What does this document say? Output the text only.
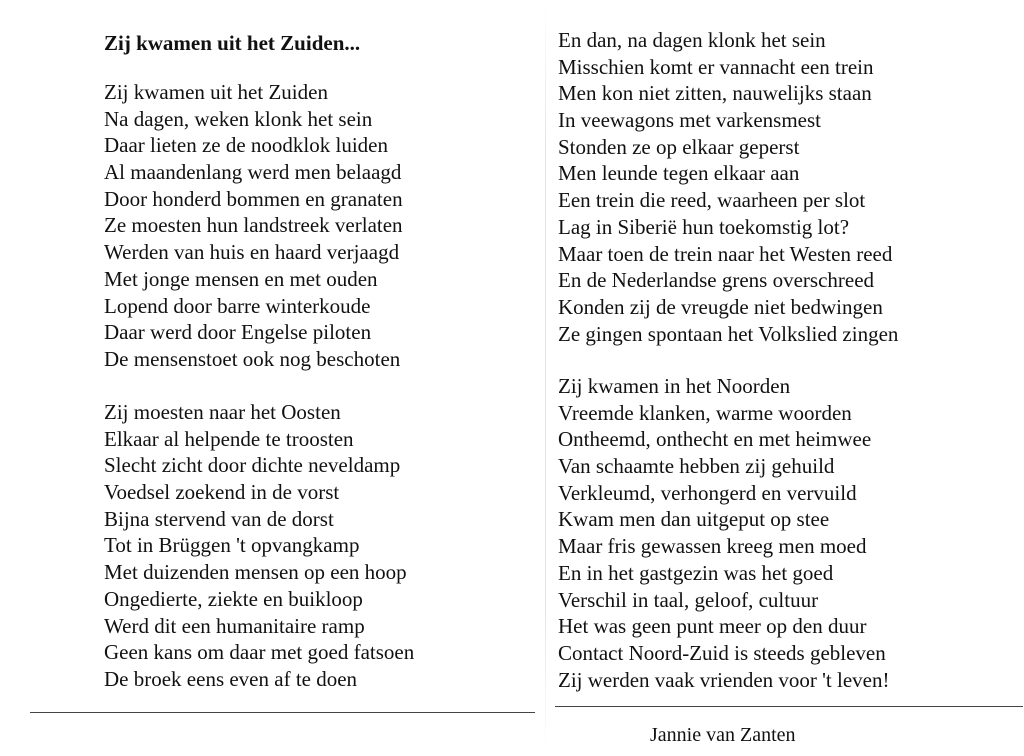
Zij kwamen uit het Zuiden...
Zij kwamen uit het Zuiden
Na dagen, weken klonk het sein
Daar lieten ze de noodklok luiden
Al maandenlang werd men belaagd
Door honderd bommen en granaten
Ze moesten hun landstreek verlaten
Werden van huis en haard verjaagd
Met jonge mensen en met ouden
Lopend door barre winterkoude
Daar werd door Engelse piloten
De mensenstoet ook nog beschoten
Zij moesten naar het Oosten
Elkaar al helpende te troosten
Slecht zicht door dichte neveldamp
Voedsel zoekend in de vorst
Bijna stervend van de dorst
Tot in Brüggen 't opvangkamp
Met duizenden mensen op een hoop
Ongedierte, ziekte en buikloop
Werd dit een humanitaire ramp
Geen kans om daar met goed fatsoen
De broek eens even af te doen
En dan, na dagen klonk het sein
Misschien komt er vannacht een trein
Men kon niet zitten, nauwelijks staan
In veewagons met varkensmest
Stonden ze op elkaar geperst
Men leunde tegen elkaar aan
Een trein die reed, waarheen per slot
Lag in Siberië hun toekomstig lot?
Maar toen de trein naar het Westen reed
En de Nederlandse grens overschreed
Konden zij de vreugde niet bedwingen
Ze gingen spontaan het Volkslied zingen
Zij kwamen in het Noorden
Vreemde klanken, warme woorden
Ontheemd, onthecht en met heimwee
Van schaamte hebben zij gehuild
Verkleumd, verhongerd en vervuild
Kwam men dan uitgeput op stee
Maar fris gewassen kreeg men moed
En in het gastgezin was het goed
Verschil in taal, geloof, cultuur
Het was geen punt meer op den duur
Contact Noord-Zuid is steeds gebleven
Zij werden vaak vrienden voor 't leven!
Jannie van Zanten
